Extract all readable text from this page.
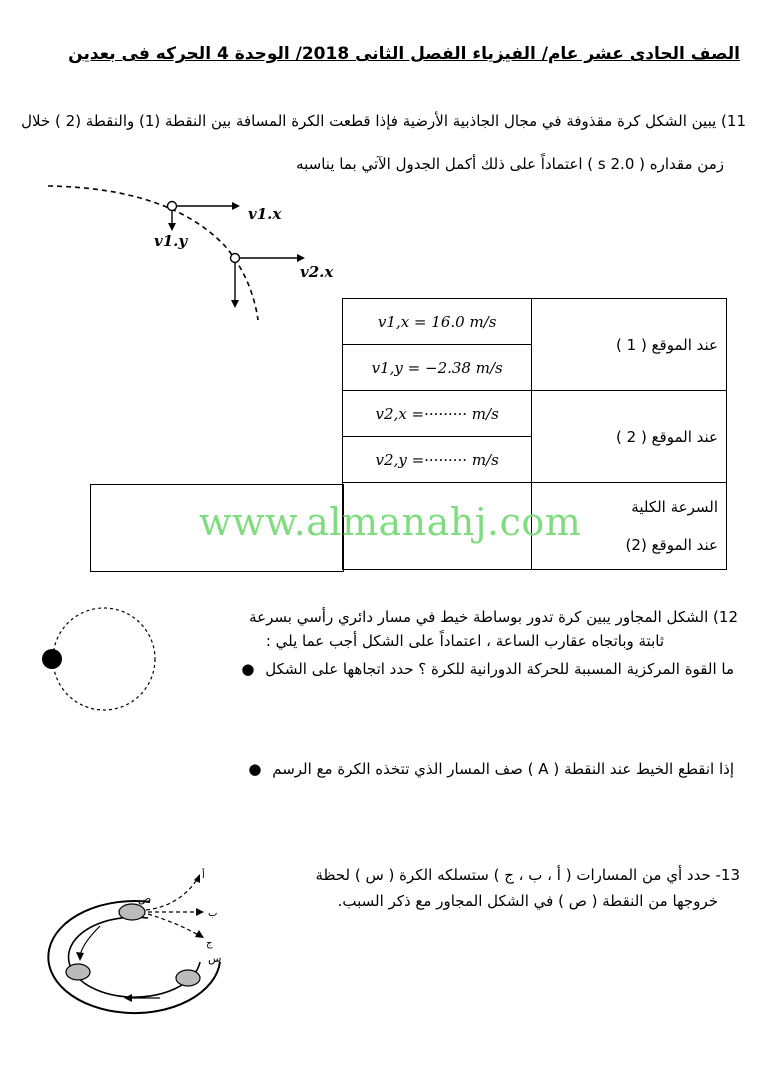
الصف الحادى عشر عام/ الفيزياء الفصل الثانى 2018/ الوحدة 4 الحركه فى بعدين
11) يبين الشكل كرة مقذوفة في مجال الجاذبية الأرضية فإذا قطعت الكرة المسافة بين النقطة (1) والنقطة (2 ) خلال
زمن مقداره ( 2.0 s ) اعتماداً على ذلك أكمل الجدول الآتي بما يناسبه
v1.x
v1.y
v2.x
v1,x = 16.0 m/s	عند الموقع ( 1 )
v1,y = −2.38 m/s	
v2,x =········· m/s	عند الموقع ( 2 )
v2,y =········· m/s	

	السرعة الكلية
عند الموقع (2)
www.almanahj.com
12) الشكل المجاور يبين كرة تدور بوساطة خيط في مسار دائري رأسي بسرعة
ثابتة وباتجاه عقارب الساعة ، اعتماداً على الشكل أجب عما يلي :
ما القوة المركزية المسببة للحركة الدورانية للكرة ؟ حدد اتجاهها على الشكل ●
إذا انقطع الخيط عند النقطة ( A ) صف المسار الذي تتخذه الكرة مع الرسم ●
13- حدد أي من المسارات ( أ ، ب ، ج ) ستسلكه الكرة ( س ) لحظة
خروجها من النقطة ( ص ) في الشكل المجاور مع ذكر السبب.
ص
س
أ
ب
ج
